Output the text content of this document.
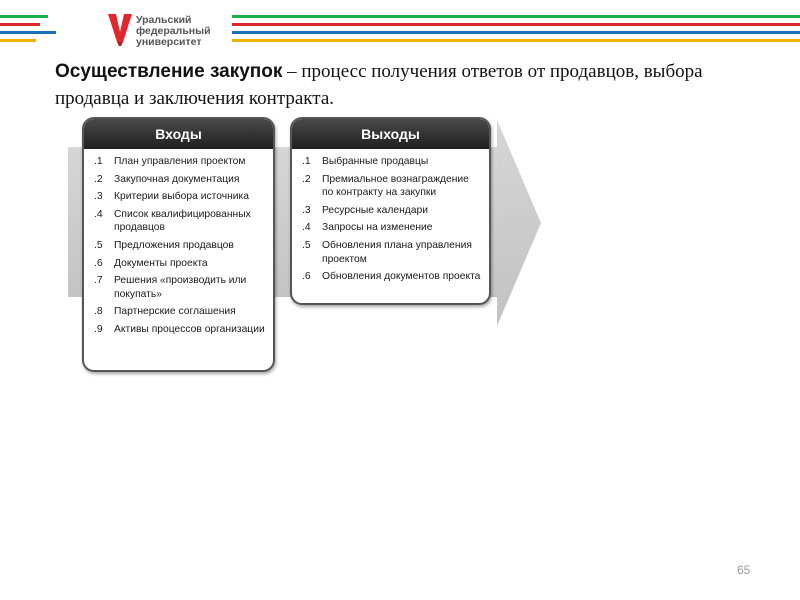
Уральский
федеральный
университет
Осуществление закупок – процесс получения ответов от продавцов, выбора продавца и заключения контракта.
Входы
.1	План управления проектом
.2	Закупочная документация
.3	Критерии выбора источника
.4	Список квалифицированных продавцов
.5	Предложения продавцов
.6	Документы проекта
.7	Решения «производить или покупать»
.8	Партнерские соглашения
.9	Активы процессов организации
Выходы
.1	Выбранные продавцы
.2	Премиальное вознаграждение по контракту на закупки
.3	Ресурсные календари
.4	Запросы на изменение
.5	Обновления плана управления проектом
.6	Обновления документов проекта
65
